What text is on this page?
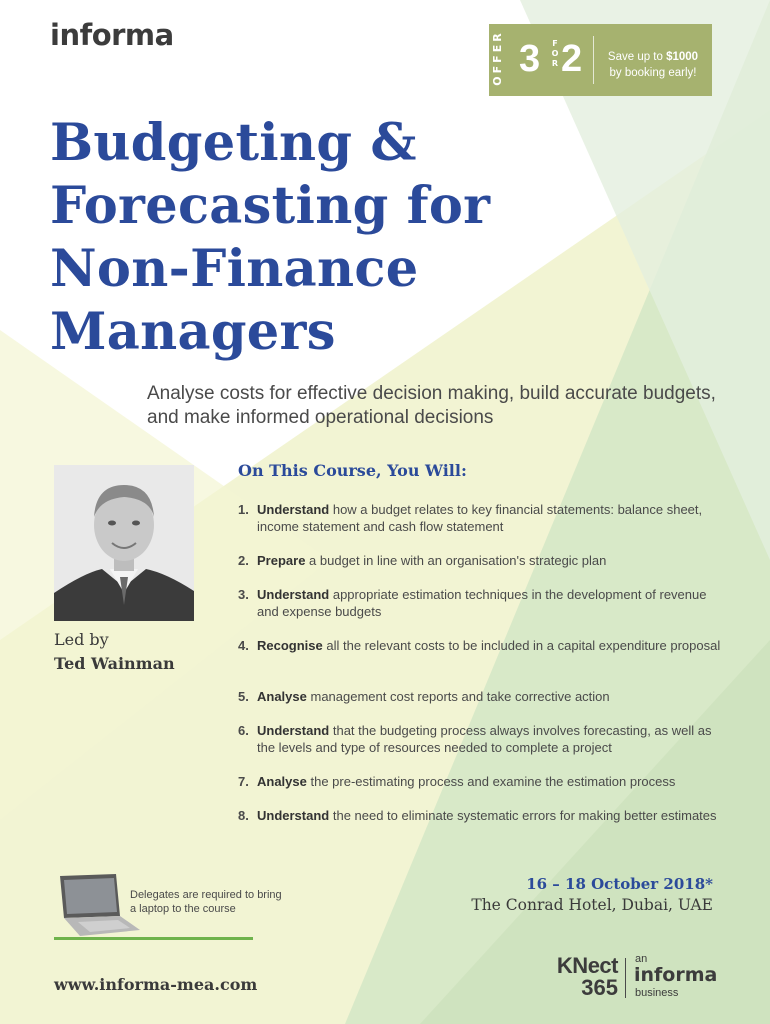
informa	OFFER 3 FOR 2	Save up to $1000
by booking early!
Budgeting &
Forecasting for
Non-Finance
Managers
Analyse costs for effective decision making, build accurate budgets, and make informed operational decisions
Led by
Ted Wainman
On This Course, You Will:
1. Understand how a budget relates to key financial statements: balance sheet, income statement and cash flow statement
2. Prepare a budget in line with an organisation's strategic plan
3. Understand appropriate estimation techniques in the development of revenue and expense budgets
4. Recognise all the relevant costs to be included in a capital expenditure proposal
5. Analyse management cost reports and take corrective action
6. Understand that the budgeting process always involves forecasting, as well as the levels and type of resources needed to complete a project
7. Analyse the pre-estimating process and examine the estimation process
8. Understand the need to eliminate systematic errors for making better estimates
Delegates are required to bring a laptop to the course
16 – 18 October 2018*
The Conrad Hotel, Dubai, UAE
www.informa-mea.com
KNect
365
an
informa
business
